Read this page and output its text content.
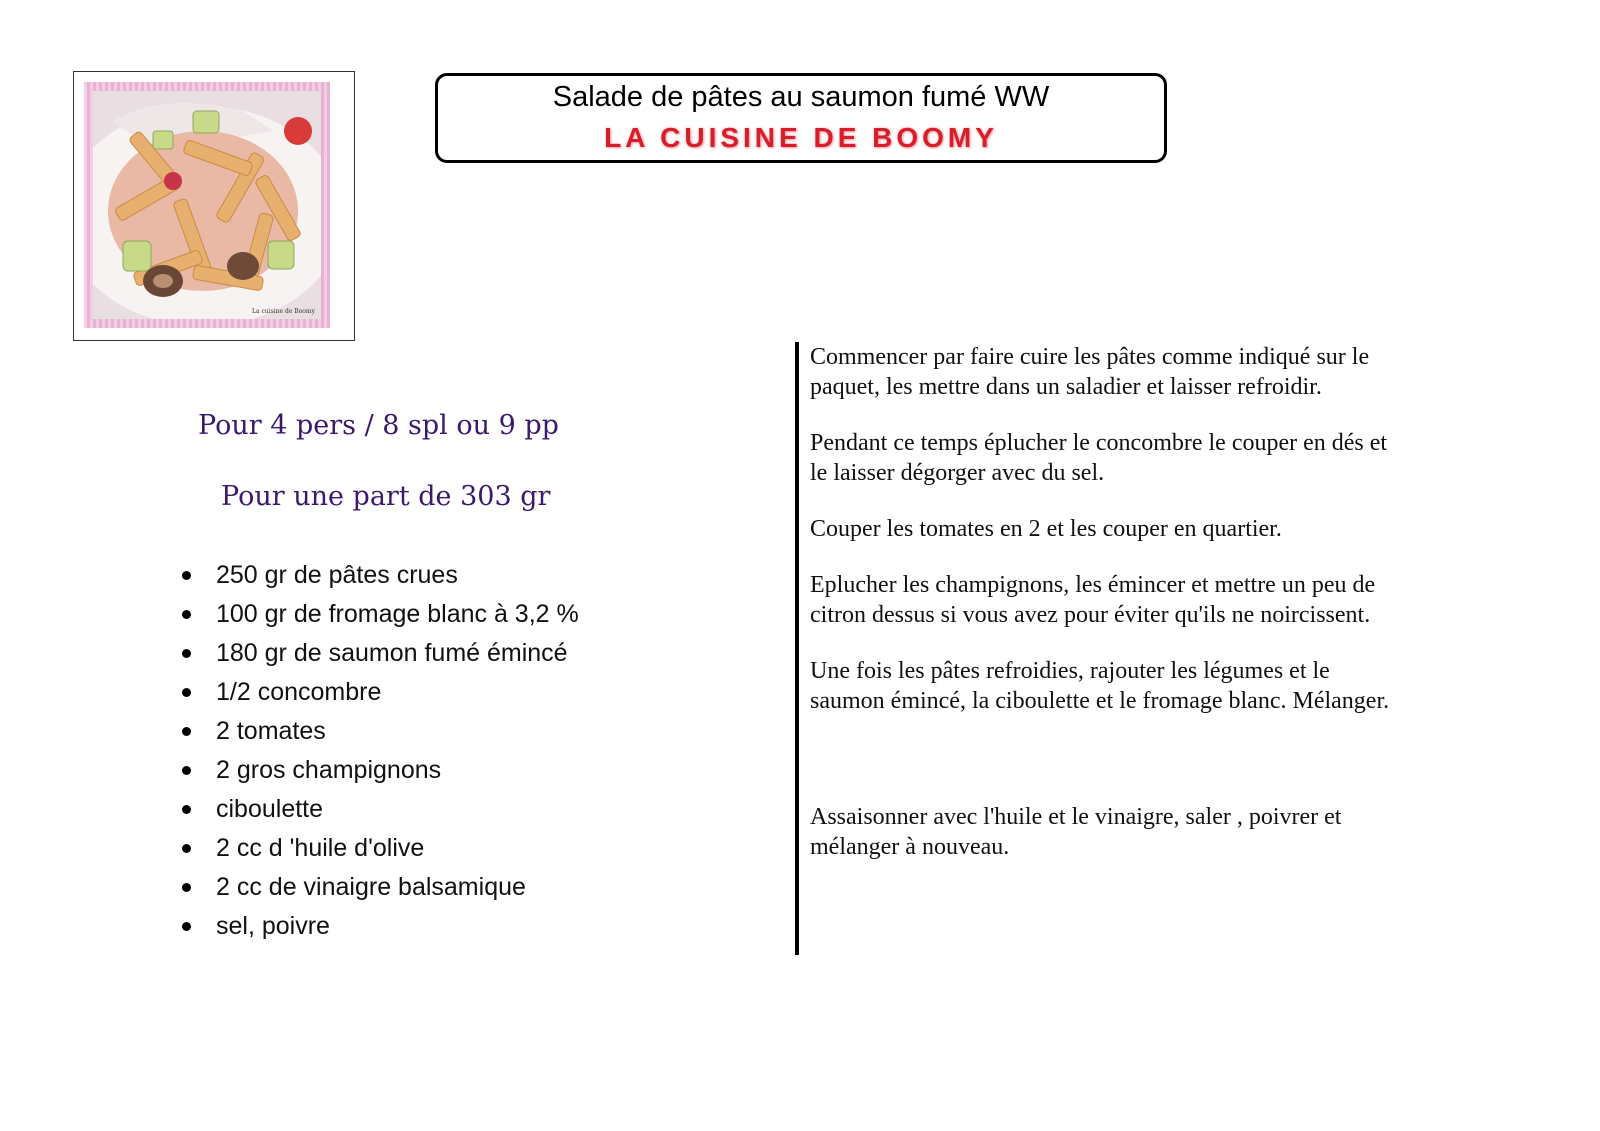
La cuisine de Boomy
Salade de pâtes au saumon fumé WW
LA CUISINE DE BOOMY
Pour 4 pers / 8 spl ou 9 pp
Pour une part de 303 gr
250 gr de pâtes crues
100 gr de fromage blanc à 3,2 %
180 gr de saumon fumé émincé
1/2 concombre
2 tomates
2 gros champignons
ciboulette
2 cc d 'huile d'olive
2 cc de vinaigre balsamique
sel, poivre

Commencer par faire cuire les pâtes comme indiqué sur le paquet, les mettre dans un saladier et laisser refroidir.

Pendant ce temps éplucher le concombre le couper en dés et le laisser dégorger avec du sel.

Couper les tomates en 2 et les couper en quartier.

Eplucher les champignons, les émincer et mettre un peu de citron dessus si vous avez pour éviter qu'ils ne noircissent.

Une fois les pâtes refroidies, rajouter les légumes et le saumon émincé, la ciboulette et le fromage blanc. Mélanger.

Assaisonner avec l'huile et le vinaigre, saler , poivrer et mélanger à nouveau.
